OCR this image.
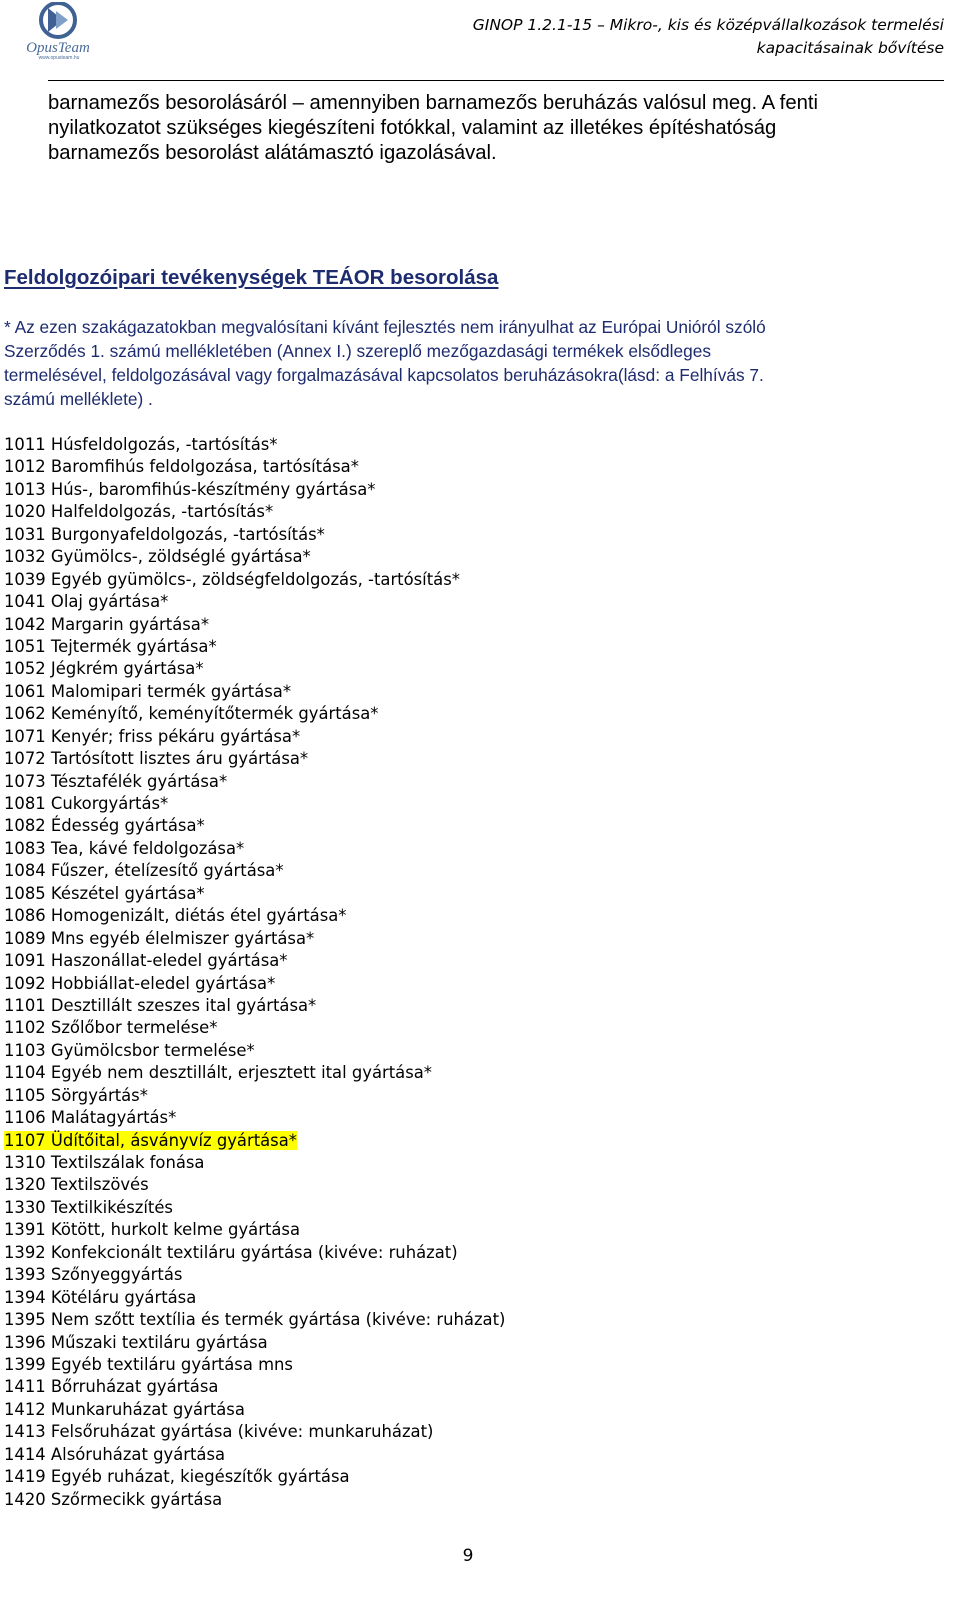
OpusTeam
www.opusteam.hu
GINOP 1.2.1-15 – Mikro-, kis és középvállalkozások termelési
kapacitásainak bővítése

barnamezős besorolásáról – amennyiben barnamezős beruházás valósul meg. A fenti

nyilatkozatot szükséges kiegészíteni fotókkal, valamint az illetékes építéshatóság

barnamezős besorolást alátámasztó igazolásával.

Feldolgozóipari tevékenységek TEÁOR besorolása

* Az ezen szakágazatokban megvalósítani kívánt fejlesztés nem irányulhat az Európai Unióról szóló

Szerződés 1. számú mellékletében (Annex I.) szereplő mezőgazdasági termékek elsődleges

termelésével, feldolgozásával vagy forgalmazásával kapcsolatos beruházásokra(lásd: a Felhívás 7.

számú melléklete) .

1011 Húsfeldolgozás, -tartósítás*
1012 Baromfihús feldolgozása, tartósítása*
1013 Hús-, baromfihús-készítmény gyártása*
1020 Halfeldolgozás, -tartósítás*
1031 Burgonyafeldolgozás, -tartósítás*
1032 Gyümölcs-, zöldséglé gyártása*
1039 Egyéb gyümölcs-, zöldségfeldolgozás, -tartósítás*
1041 Olaj gyártása*
1042 Margarin gyártása*
1051 Tejtermék gyártása*
1052 Jégkrém gyártása*
1061 Malomipari termék gyártása*
1062 Keményítő, keményítőtermék gyártása*
1071 Kenyér; friss pékáru gyártása*
1072 Tartósított lisztes áru gyártása*
1073 Tésztafélék gyártása*
1081 Cukorgyártás*
1082 Édesség gyártása*
1083 Tea, kávé feldolgozása*
1084 Fűszer, ételízesítő gyártása*
1085 Készétel gyártása*
1086 Homogenizált, diétás étel gyártása*
1089 Mns egyéb élelmiszer gyártása*
1091 Haszonállat-eledel gyártása*
1092 Hobbiállat-eledel gyártása*
1101 Desztillált szeszes ital gyártása*
1102 Szőlőbor termelése*
1103 Gyümölcsbor termelése*
1104 Egyéb nem desztillált, erjesztett ital gyártása*
1105 Sörgyártás*
1106 Malátagyártás*
1107 Üdítőital, ásványvíz gyártása*
1310 Textilszálak fonása
1320 Textilszövés
1330 Textilkikészítés
1391 Kötött, hurkolt kelme gyártása
1392 Konfekcionált textiláru gyártása (kivéve: ruházat)
1393 Szőnyeggyártás
1394 Kötéláru gyártása
1395 Nem szőtt textília és termék gyártása (kivéve: ruházat)
1396 Műszaki textiláru gyártása
1399 Egyéb textiláru gyártása mns
1411 Bőrruházat gyártása
1412 Munkaruházat gyártása
1413 Felsőruházat gyártása (kivéve: munkaruházat)
1414 Alsóruházat gyártása
1419 Egyéb ruházat, kiegészítők gyártása
1420 Szőrmecikk gyártása
9
